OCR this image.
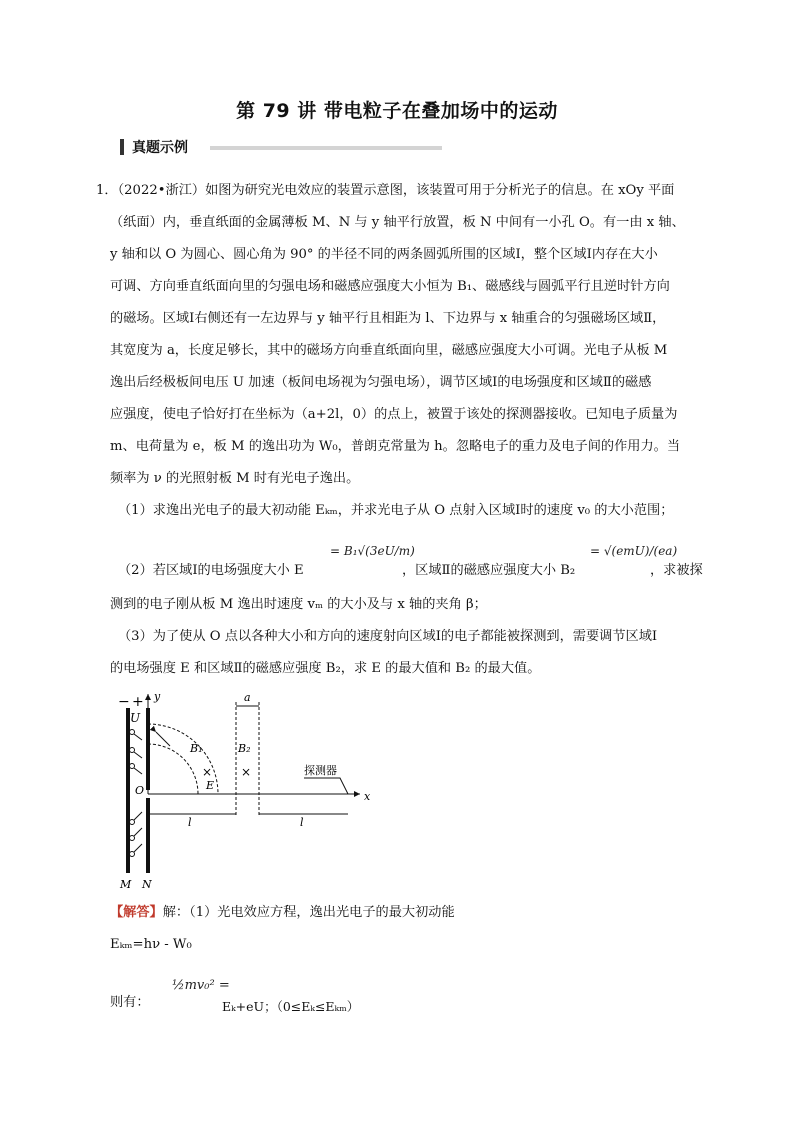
第 79 讲 带电粒子在叠加场中的运动
真题示例
1．（2022•浙江）如图为研究光电效应的装置示意图，该装置可用于分析光子的信息。在 xOy 平面
（纸面）内，垂直纸面的金属薄板 M、N 与 y 轴平行放置，板 N 中间有一小孔 O。有一由 x 轴、
y 轴和以 O 为圆心、圆心角为 90° 的半径不同的两条圆弧所围的区域Ⅰ，整个区域Ⅰ内存在大小
可调、方向垂直纸面向里的匀强电场和磁感应强度大小恒为 B₁、磁感线与圆弧平行且逆时针方向
的磁场。区域Ⅰ右侧还有一左边界与 y 轴平行且相距为 l、下边界与 x 轴重合的匀强磁场区域Ⅱ，
其宽度为 a，长度足够长，其中的磁场方向垂直纸面向里，磁感应强度大小可调。光电子从板 M
逸出后经极板间电压 U 加速（板间电场视为匀强电场），调节区域Ⅰ的电场强度和区域Ⅱ的磁感
应强度，使电子恰好打在坐标为（a+2l，0）的点上，被置于该处的探测器接收。已知电子质量为
m、电荷量为 e，板 M 的逸出功为 W₀，普朗克常量为 h。忽略电子的重力及电子间的作用力。当
频率为 ν 的光照射板 M 时有光电子逸出。
（1）求逸出光电子的最大初动能 Eₖₘ，并求光电子从 O 点射入区域Ⅰ时的速度 v₀ 的大小范围；
（2）若区域Ⅰ的电场强度大小 E
= B₁√(3eU/m)
，区域Ⅱ的磁感应强度大小 B₂
= √(emU)/(ea)
，求被探
测到的电子刚从板 M 逸出时速度 vₘ 的大小及与 x 轴的夹角 β；
（3）为了使从 O 点以各种大小和方向的速度射向区域Ⅰ的电子都能被探测到，需要调节区域Ⅰ
的电场强度 E 和区域Ⅱ的磁感应强度 B₂，求 E 的最大值和 B₂ 的最大值。
− +
U
y
x
O
B₁
×
E
a
B₂
×	探测器
l	l
M N
【解答】解：（1）光电效应方程，逸出光电子的最大初动能
Eₖₘ=hν - W₀
则有：
½mv₀² =
Eₖ+eU；（0≤Eₖ≤Eₖₘ）
